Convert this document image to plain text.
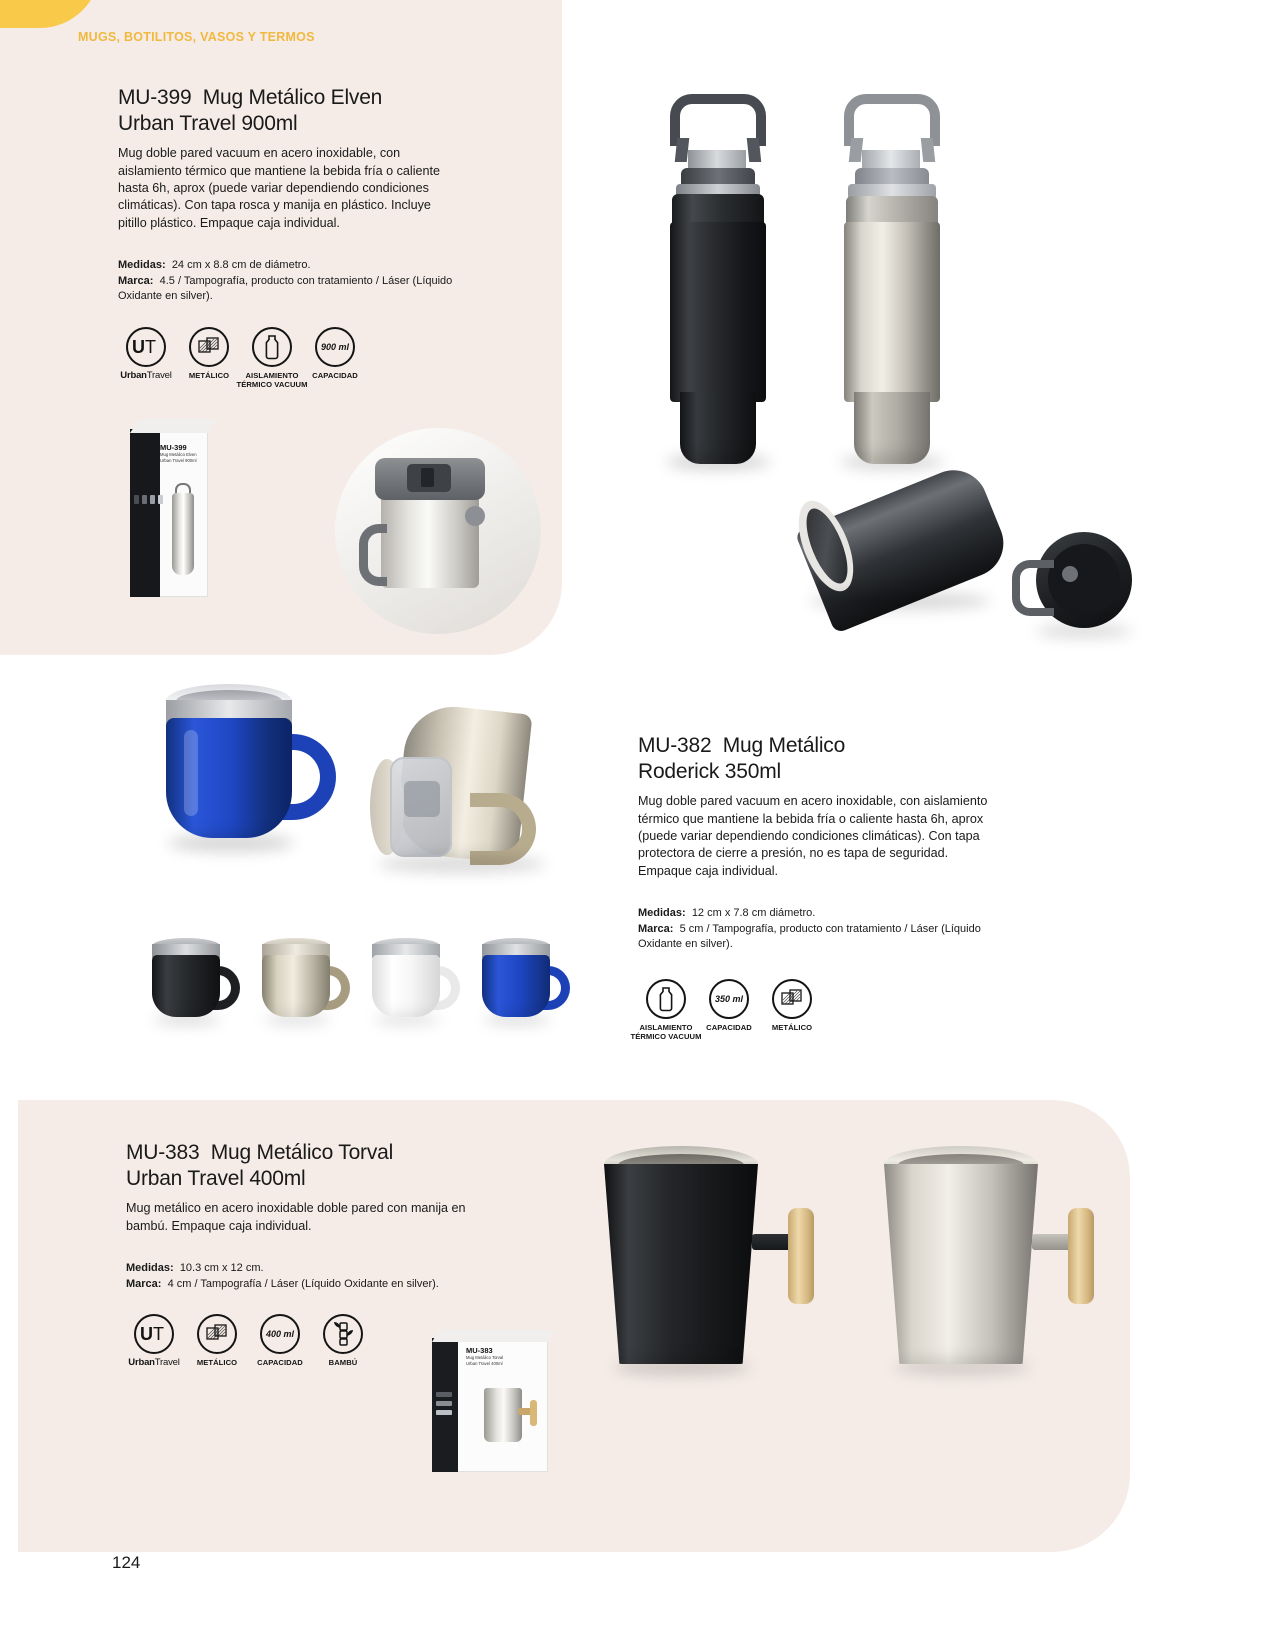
MUGS, BOTILITOS, VASOS Y TERMOS
MU-399 Mug Metálico Elven
Urban Travel 900ml
Mug doble pared vacuum en acero inoxidable, con aislamiento térmico que mantiene la bebida fría o caliente hasta 6h, aprox (puede variar dependiendo condiciones climáticas). Con tapa rosca y manija en plástico. Incluye pitillo plástico. Empaque caja individual.
Medidas: 24 cm x 8.8 cm de diámetro.
Marca: 4.5 / Tampografía, producto con tratamiento / Láser (Líquido Oxidante en silver).
U T
UrbanTravel METÁLICO	AISLAMIENTO
TÉRMICO VACUUM
900 ml
CAPACIDAD
MU-399
Mug Metálico Elven
Urban Travel 900ml
MU-382 Mug Metálico
Roderick 350ml
Mug doble pared vacuum en acero inoxidable, con aislamiento térmico que mantiene la bebida fría o caliente hasta 6h, aprox (puede variar dependiendo condiciones climáticas). Con tapa protectora de cierre a presión, no es tapa de seguridad. Empaque caja individual.
Medidas: 12 cm x 7.8 cm diámetro.
Marca: 5 cm / Tampografía, producto con tratamiento / Láser (Líquido Oxidante en silver).
AISLAMIENTO
TÉRMICO VACUUM
350 ml
CAPACIDAD	METÁLICO
MU-383 Mug Metálico Torval
Urban Travel 400ml
Mug metálico en acero inoxidable doble pared con manija en bambú. Empaque caja individual.
Medidas: 10.3 cm x 12 cm.
Marca: 4 cm / Tampografía / Láser (Líquido Oxidante en silver).
U T
UrbanTravel METÁLICO
400 ml
CAPACIDAD	BAMBÚ
MU-383
Mug Metálico Torval
Urban Travel 400ml
124
